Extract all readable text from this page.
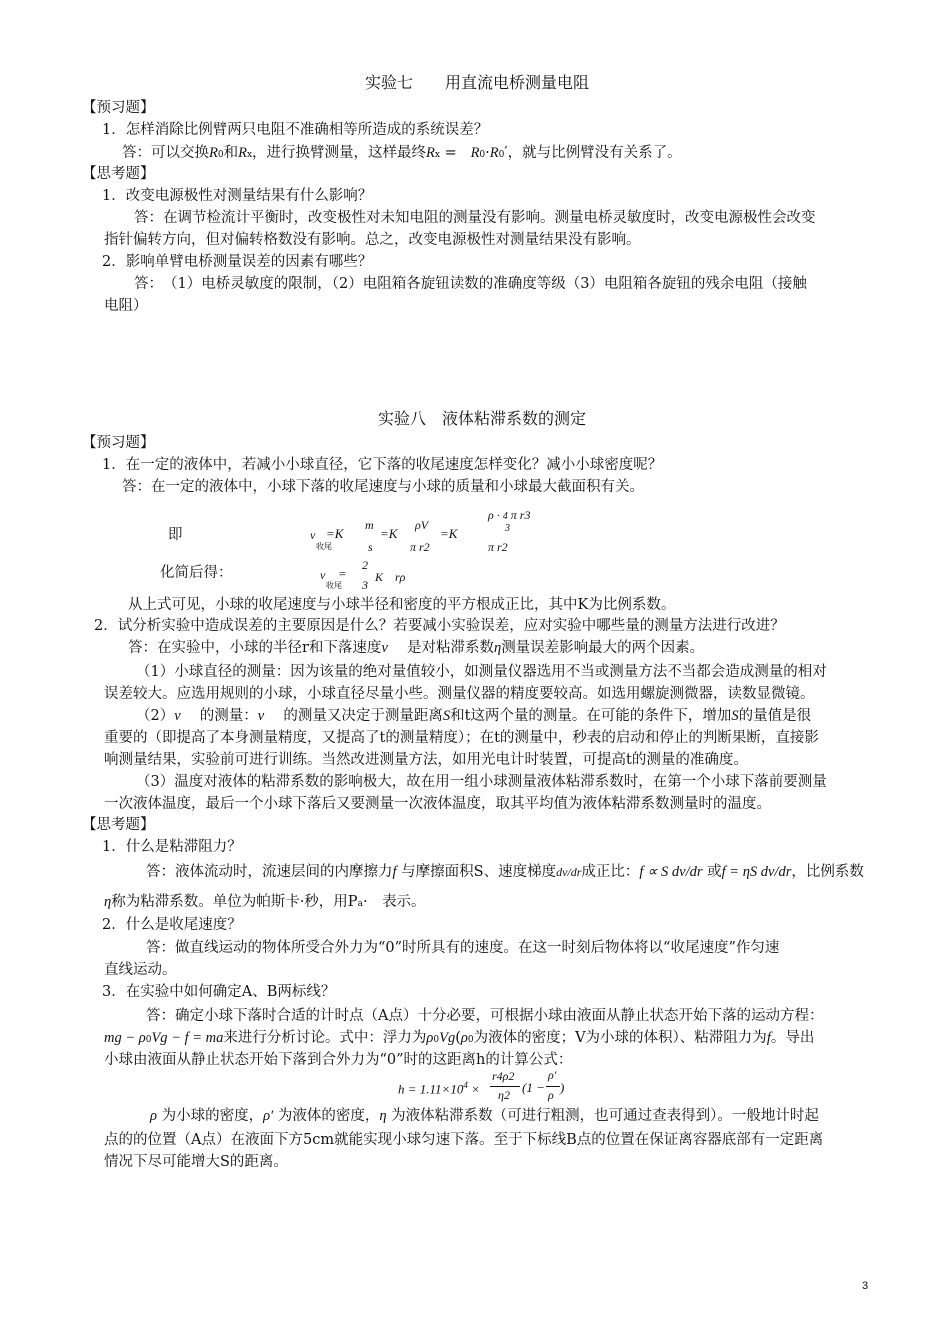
实验七　　用直流电桥测量电阻
【预习题】
1．怎样消除比例臂两只电阻不准确相等所造成的系统误差？
答：可以交换R0和Rx，进行换臂测量，这样最终Rx =   R0·R0′，就与比例臂没有关系了。
【思考题】
1．改变电源极性对测量结果有什么影响？
答：在调节检流计平衡时，改变极性对未知电阻的测量没有影响。测量电桥灵敏度时，改变电源极性会改变
指针偏转方向，但对偏转格数没有影响。总之，改变电源极性对测量结果没有影响。
2．影响单臂电桥测量误差的因素有哪些？
答：　（1）电桥灵敏度的限制，（2）电阻箱各旋钮读数的准确度等级（3）电阻箱各旋钮的残余电阻（接触
电阻）
实验八　液体粘滞系数的测定
【预习题】
1．在一定的液体中，若减小小球直径，它下落的收尾速度怎样变化？减小小球密度呢？
答：在一定的液体中，小球下落的收尾速度与小球的质量和小球最大截面积有关。
即	v
收尾
=K
m
s
=K
ρV
π r2
=K
ρ · 4 π r3
3
π r2
化简后得：	v
收尾
=
2
3
K　rρ
从上式可见，小球的收尾速度与小球半径和密度的平方根成正比，其中K为比例系数。
2．试分析实验中造成误差的主要原因是什么？若要减小实验误差，应对实验中哪些量的测量方法进行改进？
答：在实验中，小球的半径r和下落速度v　 是对粘滞系数η测量误差影响最大的两个因素。
（1）小球直径的测量：因为该量的绝对量值较小，如测量仪器选用不当或测量方法不当都会造成测量的相对
误差较大。应选用规则的小球，小球直径尽量小些。测量仪器的精度要较高。如选用螺旋测微器，读数显微镜。
（2）v　 的测量：v　 的测量又决定于测量距离S和t这两个量的测量。在可能的条件下，增加S的量值是很
重要的（即提高了本身测量精度，又提高了t的测量精度）；在t的测量中，秒表的启动和停止的判断果断，直接影
响测量结果，实验前可进行训练。当然改进测量方法，如用光电计时装置，可提高t的测量的准确度。
（3）温度对液体的粘滞系数的影响极大，故在用一组小球测量液体粘滞系数时，在第一个小球下落前要测量
一次液体温度，最后一个小球下落后又要测量一次液体温度，取其平均值为液体粘滞系数测量时的温度。
【思考题】
1．什么是粘滞阻力？
答：液体流动时，流速层间的内摩擦力f 与摩擦面积S、速度梯度dv/dr成正比：f ∝ S dv/dr 或f = ηS dv/dr，比例系数
η称为粘滞系数。单位为帕斯卡·秒，用Pa·　表示。
2．什么是收尾速度？
答：做直线运动的物体所受合外力为“0”时所具有的速度。在这一时刻后物体将以“收尾速度”作匀速
直线运动。
3．在实验中如何确定A、B两标线？
答：确定小球下落时合适的计时点（A点）十分必要，可根据小球由液面从静止状态开始下落的运动方程：
mg − ρ0Vg − f = ma来进行分析讨论。式中：浮力为ρ0Vg(ρ0为液体的密度；V为小球的体积）、粘滞阻力为f。导出
小球由液面从静止状态开始下落到合外力为“0”时的这距离h的计算公式：
$h = 1.11\times 10^4$ ×
r4ρ2
η2 (1 −
ρ′
ρ )
ρ 为小球的密度，ρ′ 为液体的密度，η 为液体粘滞系数（可进行粗测，也可通过查表得到）。一般地计时起
点的的位置（A点）在液面下方5cm就能实现小球匀速下落。至于下标线B点的位置在保证离容器底部有一定距离
情况下尽可能增大S的距离。
3
